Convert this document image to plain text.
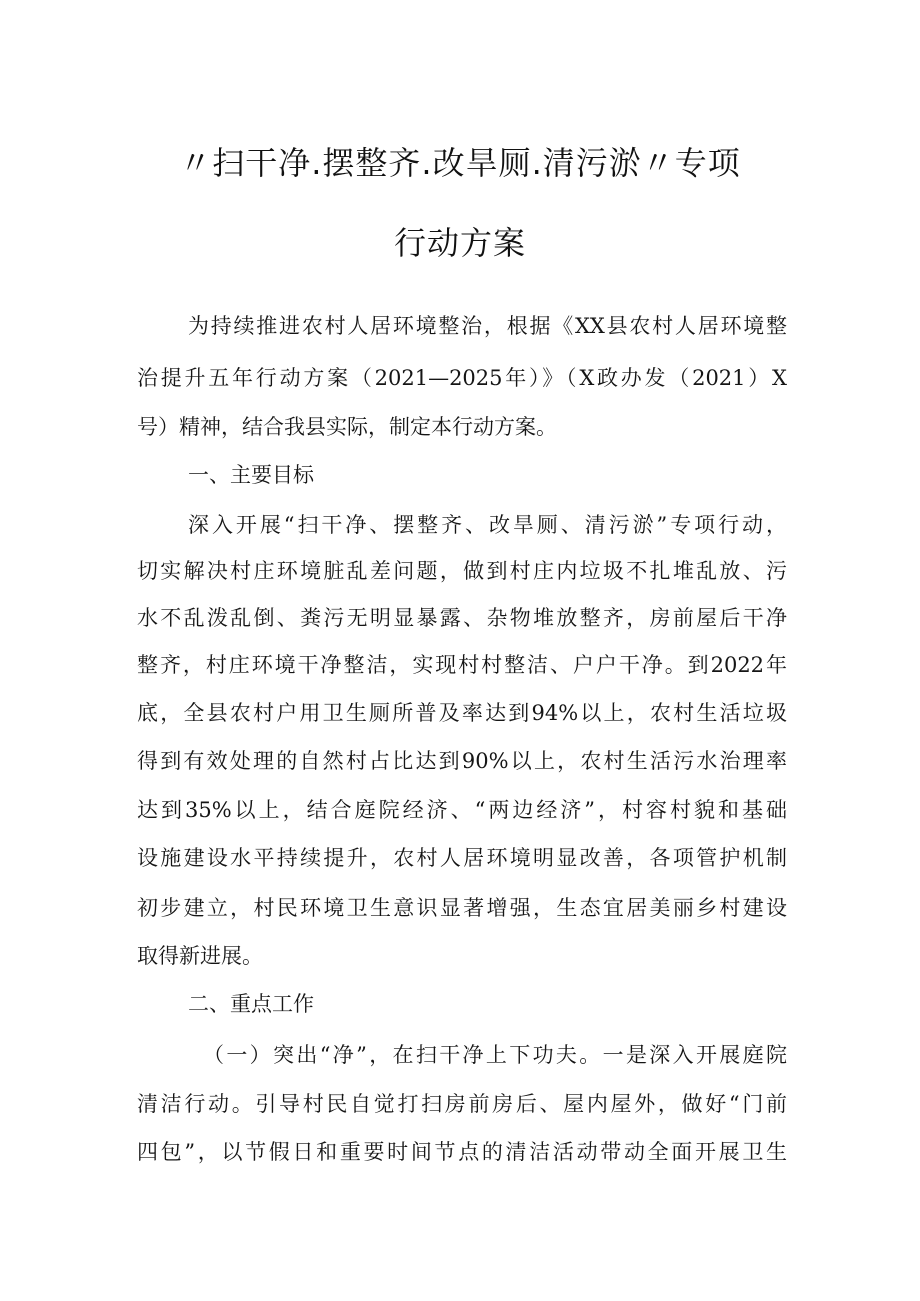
〃扫干净.摆整齐.改旱厕.清污淤〃专项
行动方案
为持续推进农村人居环境整治，根据《XX县农村人居环境整
治提升五年行动方案（2021—2025年）》（X政办发（2021）X
号）精神，结合我县实际，制定本行动方案。
一、主要目标
深入开展“扫干净、摆整齐、改旱厕、清污淤”专项行动，
切实解决村庄环境脏乱差问题，做到村庄内垃圾不扎堆乱放、污
水不乱泼乱倒、粪污无明显暴露、杂物堆放整齐，房前屋后干净
整齐，村庄环境干净整洁，实现村村整洁、户户干净。到2022年
底，全县农村户用卫生厕所普及率达到94%以上，农村生活垃圾
得到有效处理的自然村占比达到90%以上，农村生活污水治理率
达到35%以上，结合庭院经济、“两边经济”，村容村貌和基础
设施建设水平持续提升，农村人居环境明显改善，各项管护机制
初步建立，村民环境卫生意识显著增强，生态宜居美丽乡村建设
取得新进展。
二、重点工作
（一）突出“净”，在扫干净上下功夫。一是深入开展庭院
清洁行动。引导村民自觉打扫房前房后、屋内屋外，做好“门前
四包”，以节假日和重要时间节点的清洁活动带动全面开展卫生
